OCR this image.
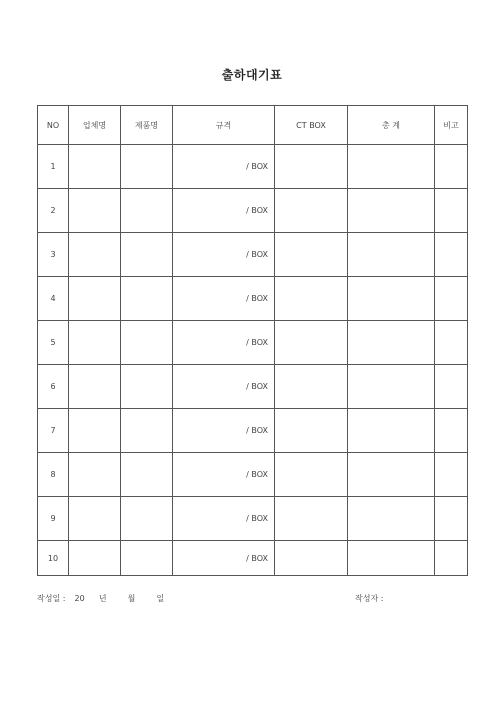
출하대기표
NO	업체명	제품명	규격	CT BOX	총 계	비고
1			/ BOX			
2			/ BOX			
3			/ BOX			
4			/ BOX			
5			/ BOX			
6			/ BOX			
7			/ BOX			
8			/ BOX			
9			/ BOX			
10			/ BOX			
작성일 : 20 년	월	일	작성자 :
